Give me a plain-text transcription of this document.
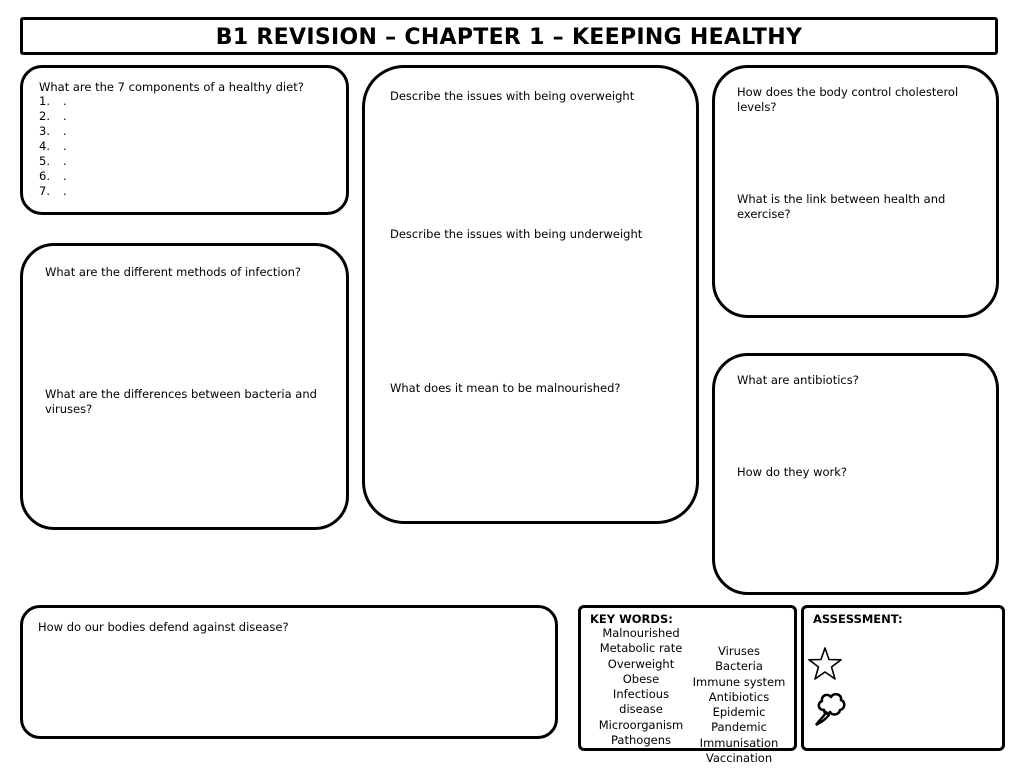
B1 REVISION – CHAPTER 1 – KEEPING HEALTHY

What are the 7 components of a healthy diet?

1. .
2. .
3. .
4. .
5. .
6. .
7. .

What are the different methods of infection?

What are the differences between bacteria and viruses?

Describe the issues with being overweight

Describe the issues with being underweight

What does it mean to be malnourished?

How does the body control cholesterol levels?

What is the link between health and exercise?

What are antibiotics?

How do they work?

How do our bodies defend against disease?

KEY WORDS:
Malnourished
Metabolic rate
Overweight
Obese
Infectious
disease
Microorganism
Pathogens
Viruses
Bacteria
Immune system
Antibiotics
Epidemic
Pandemic
Immunisation
Vaccination
ASSESSMENT:
